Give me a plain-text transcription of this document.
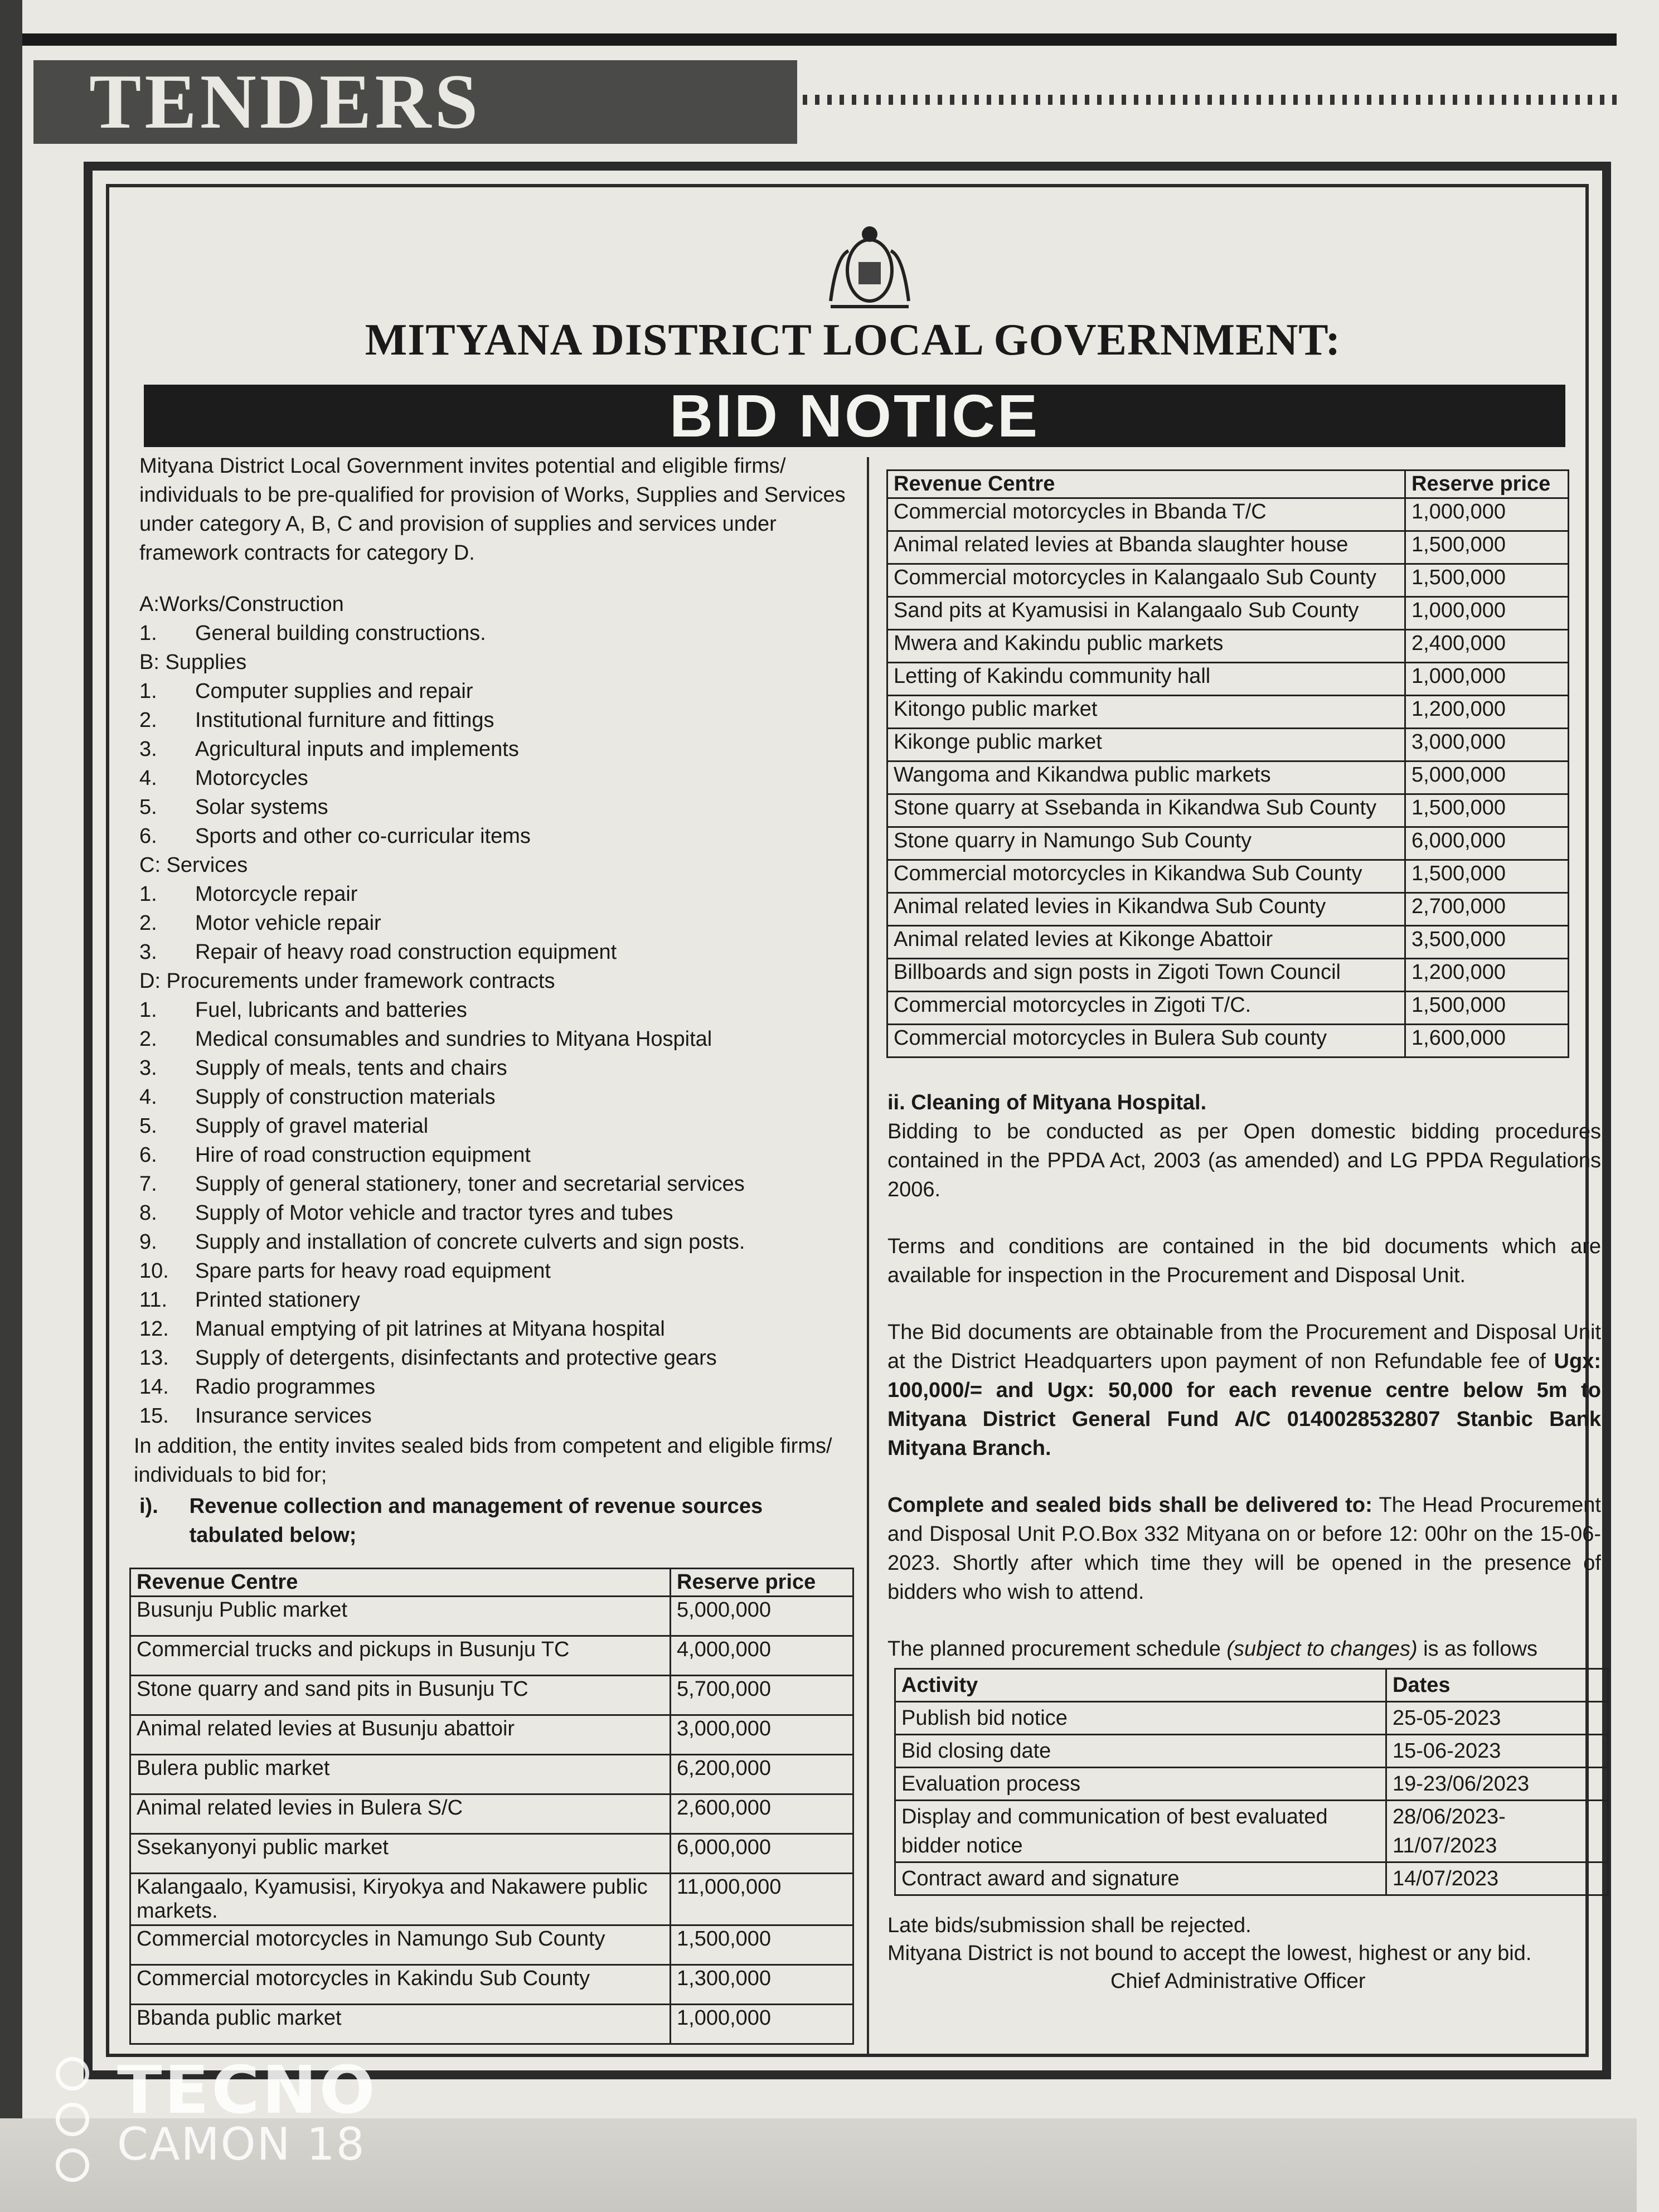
TENDERS
MITYANA DISTRICT LOCAL GOVERNMENT:
BID NOTICE

Mityana District Local Government invites potential and eligible firms/ individuals to be pre-qualified for provision of Works, Supplies and Services under category A, B, C and provision of supplies and services under framework contracts for category D.

A:Works/Construction
1.	General building constructions.
B: Supplies
1.	Computer supplies and repair
2.	Institutional furniture and fittings
3.	Agricultural inputs and implements
4.	Motorcycles
5.	Solar systems
6.	Sports and other co-curricular items
C: Services
1.	Motorcycle repair
2.	Motor vehicle repair
3.	Repair of heavy road construction equipment
D: Procurements under framework contracts
1.	Fuel, lubricants and batteries
2.	Medical consumables and sundries to Mityana Hospital
3.	Supply of meals, tents and chairs
4.	Supply of construction materials
5.	Supply of gravel material
6.	Hire of road construction equipment
7.	Supply of general stationery, toner and secretarial services
8.	Supply of Motor vehicle and tractor tyres and tubes
9.	Supply and installation of concrete culverts and sign posts.
10.	Spare parts for heavy road equipment
11.	Printed stationery
12.	Manual emptying of pit latrines at Mityana hospital
13.	Supply of detergents, disinfectants and protective gears
14.	Radio programmes
15.	Insurance services
In addition, the entity invites sealed bids from competent and eligible firms/ individuals to bid for;
i).	Revenue collection and management of revenue sources tabulated below;
Revenue Centre	Reserve price
Busunju Public market	5,000,000
Commercial trucks and pickups in Busunju TC	4,000,000
Stone quarry and sand pits in Busunju TC	5,700,000
Animal related levies at Busunju abattoir	3,000,000
Bulera public market	6,200,000
Animal related levies in Bulera S/C	2,600,000
Ssekanyonyi public market	6,000,000
Kalangaalo, Kyamusisi, Kiryokya and Nakawere public markets.	11,000,000
Commercial motorcycles in Namungo Sub County	1,500,000
Commercial motorcycles in Kakindu Sub County	1,300,000
Bbanda public market	1,000,000
Revenue Centre	Reserve price
Commercial motorcycles in Bbanda T/C	1,000,000
Animal related levies at Bbanda slaughter house	1,500,000
Commercial motorcycles in Kalangaalo Sub County	1,500,000
Sand pits at Kyamusisi in Kalangaalo Sub County	1,000,000
Mwera and Kakindu public markets	2,400,000
Letting of Kakindu community hall	1,000,000
Kitongo public market	1,200,000
Kikonge public market	3,000,000
Wangoma and Kikandwa public markets	5,000,000
Stone quarry at Ssebanda in Kikandwa Sub County	1,500,000
Stone quarry in Namungo Sub County	6,000,000
Commercial motorcycles in Kikandwa Sub County	1,500,000
Animal related levies in Kikandwa Sub County	2,700,000
Animal related levies at Kikonge Abattoir	3,500,000
Billboards and sign posts in Zigoti Town Council	1,200,000
Commercial motorcycles in Zigoti T/C.	1,500,000
Commercial motorcycles in Bulera Sub county	1,600,000

ii. Cleaning of Mityana Hospital.

Bidding to be conducted as per Open domestic bidding procedures contained in the PPDA Act, 2003 (as amended) and LG PPDA Regulations 2006.

Terms and conditions are contained in the bid documents which are available for inspection in the Procurement and Disposal Unit.

The Bid documents are obtainable from the Procurement and Disposal Unit at the District Headquarters upon payment of non Refundable fee of Ugx: 100,000/= and Ugx: 50,000 for each revenue centre below 5m to Mityana District General Fund A/C 0140028532807 Stanbic Bank Mityana Branch.

Complete and sealed bids shall be delivered to: The Head Procurement and Disposal Unit P.O.Box 332 Mityana on or before 12: 00hr on the 15-06-2023. Shortly after which time they will be opened in the presence of bidders who wish to attend.

The planned procurement schedule (subject to changes) is as follows
Activity	Dates
Publish bid notice	25-05-2023
Bid closing date	15-06-2023
Evaluation process	19-23/06/2023
Display and communication of best evaluated bidder notice	28/06/2023-11/07/2023
Contract award and signature	14/07/2023
Late bids/submission shall be rejected.
Mityana District is not bound to accept the lowest, highest or any bid.
Chief Administrative Officer
TECNO
CAMON 18
